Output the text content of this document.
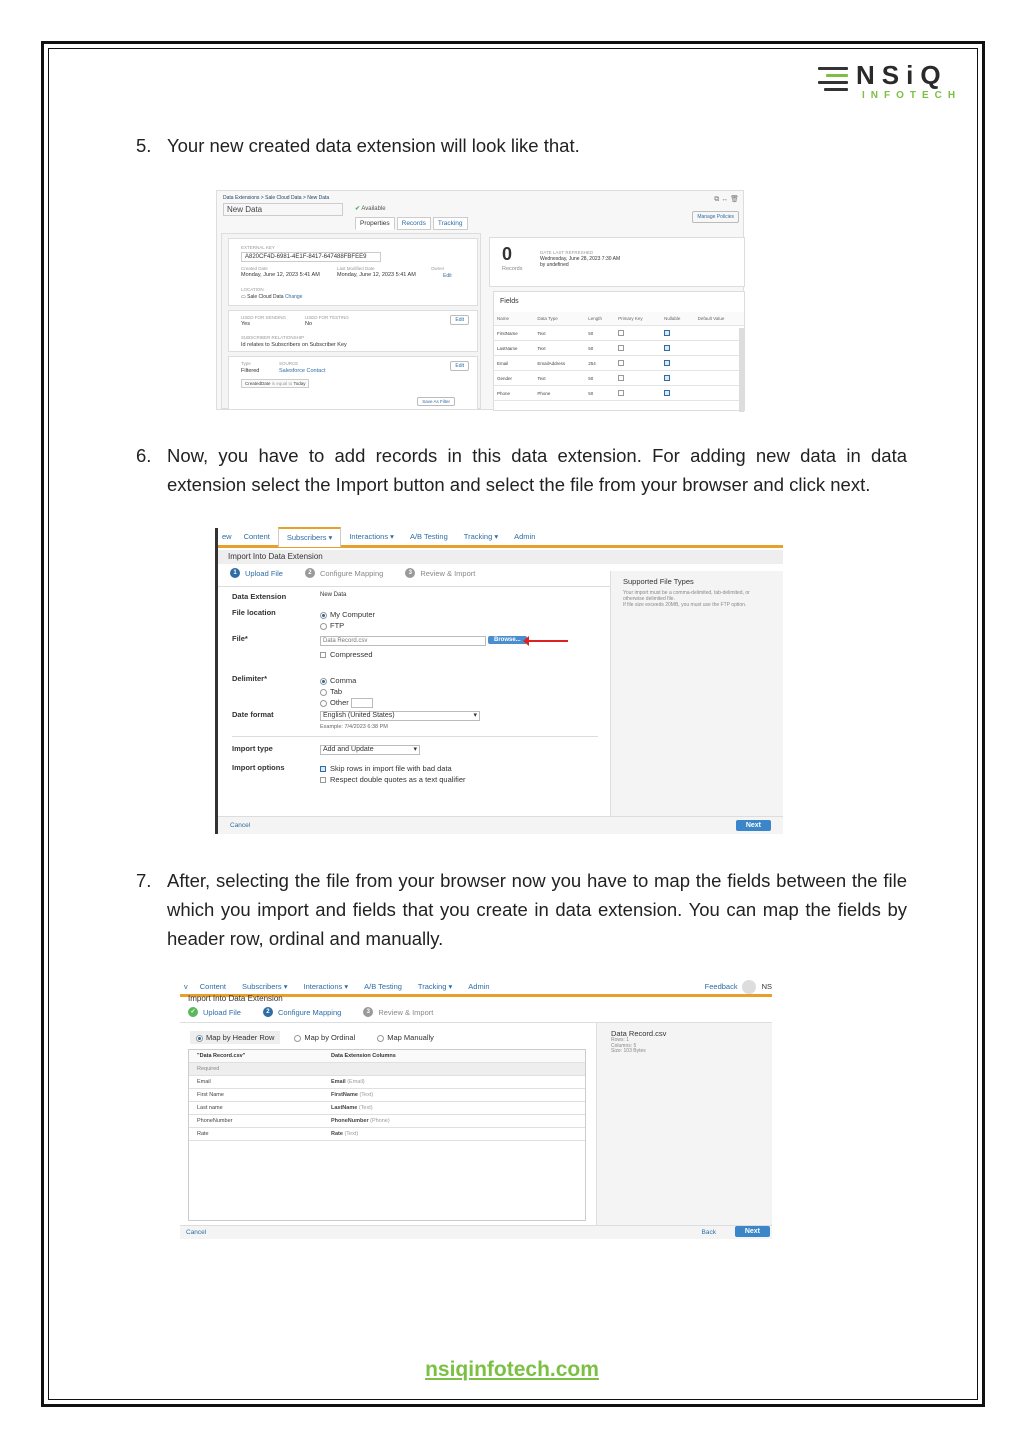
NSiQ
INFOTECH
5. Your new created data extension will look like that.
Data Extensions > Sale Cloud Data > New Data
New Data	✔ Available
Properties	Records	Tracking
⧉ ↔ 🗑
Manage Policies
EXTERNAL KEY
A820CF4D-6981-4E1F-8417-647488FBFEE9
Created Date
Monday, June 12, 2023 5:41 AM
Last Modified Date
Monday, June 12, 2023 5:41 AM
Owner
Edit
LOCATION
▭ Sale Cloud Data Change
USED FOR SENDING
Yes
USED FOR TESTING
No
Edit
SUBSCRIBER RELATIONSHIP
Id relates to Subscribers on Subscriber Key
Type
Filtered
SOURCE
Salesforce Contact
Edit
CreatedDate is equal to Today
Save As Filter
0
Records
DATE LAST REFRESHED
Wednesday, June 28, 2023 7:30 AM
by undefined
Fields
Name	Data Type	Length	Primary Key	Nullable	Default Value
FirstName	Text	50			
LastName	Text	50			
Email	EmailAddress	254			
Gender	Text	50			
Phone	Phone	50			
6. Now, you have to add records in this data extension. For adding new data in data extension select the Import button and select the file from your browser and click next.
ew	Content	Subscribers ▾	Interactions ▾	A/B Testing	Tracking ▾	Admin
Import Into Data Extension
1	Upload File	2	Configure Mapping	3	Review & Import
Data Extension	New Data
File location	My Computer
FTP
File*	Data Record.csv	Browse...
Compressed
Delimiter*	Comma
Tab
Other
Date format	English (United States)	▾
Example: 7/4/2023 6:38 PM
Import type	Add and Update	▾
Import options	Skip rows in import file with bad data
Respect double quotes as a text qualifier
Supported File Types

Your import must be a comma-delimited, tab-delimited, or otherwise delimited file.

If file size exceeds 20MB, you must use the FTP option.

Cancel	Next
7. After, selecting the file from your browser now you have to map the fields between the file which you import and fields that you create in data extension. You can map the fields by header row, ordinal and manually.
v	Content	Subscribers ▾	Interactions ▾	A/B Testing	Tracking ▾	Admin	Feedback	NS
Import Into Data Extension
✓ Upload File	2	Configure Mapping	3	Review & Import
Map by Header Row	Map by Ordinal	Map Manually
"Data Record.csv"	Data Extension Columns
Required	
Email	Email (Email)
First Name	FirstName (Text)
Last name	LastName (Text)
PhoneNumber	PhoneNumber (Phone)
Rate	Rate (Text)
Data Record.csv

Rows: 1

Columns: 5

Size: 103 Bytes

Cancel	Back	Next
nsiqinfotech.com
